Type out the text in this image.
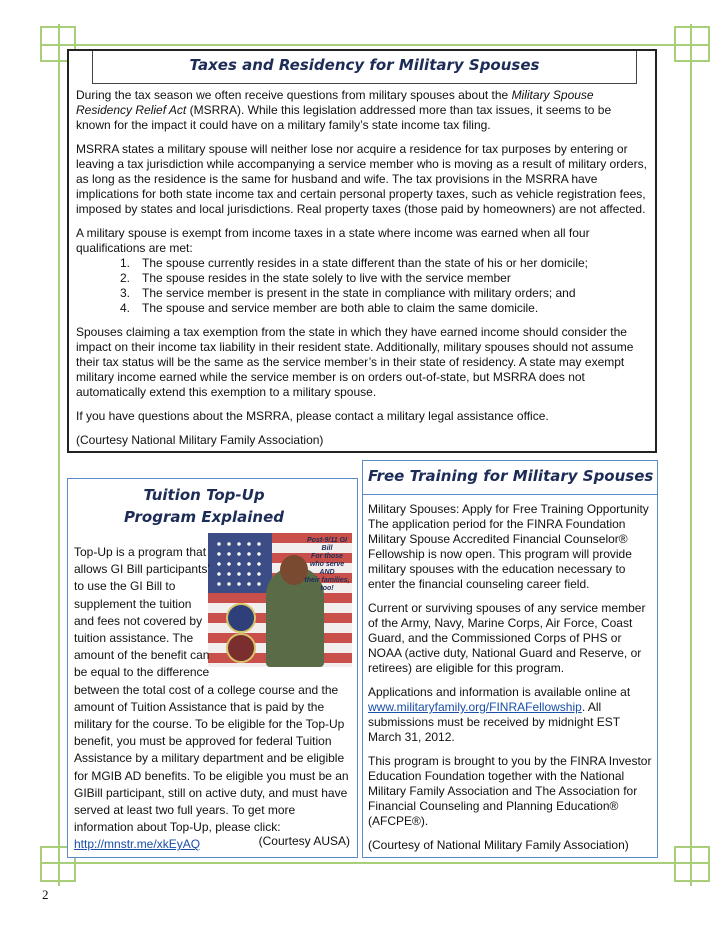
Taxes and Residency for Military Spouses

During the tax season we often receive questions from military spouses about the Military Spouse Residency Relief Act (MSRRA). While this legislation addressed more than tax issues, it seems to be known for the impact it could have on a military family’s state income tax filing.

MSRRA states a military spouse will neither lose nor acquire a residence for tax purposes by entering or leaving a tax jurisdiction while accompanying a service member who is moving as a result of military orders, as long as the residence is the same for husband and wife. The tax provisions in the MSRRA have implications for both state income tax and certain personal property taxes, such as vehicle registration fees, imposed by states and local jurisdictions. Real property taxes (those paid by homeowners) are not affected.

A military spouse is exempt from income taxes in a state where income was earned when all four qualifications are met:

1. The spouse currently resides in a state different than the state of his or her domicile;
2. The spouse resides in the state solely to live with the service member
3. The service member is present in the state in compliance with military orders; and
4. The spouse and service member are both able to claim the same domicile.

Spouses claiming a tax exemption from the state in which they have earned income should consider the impact on their income tax liability in their resident state. Additionally, military spouses should not assume their tax status will be the same as the service member’s in their state of residency. A state may exempt military income earned while the service member is on orders out-of-state, but MSRRA does not automatically extend this exemption to a military spouse.

If you have questions about the MSRRA, please contact a military legal assistance office.

(Courtesy National Military Family Association)

Tuition Top-Up
Program Explained
Post-9/11 GI Bill
For those who serve
AND
their families, too!
Top-Up is a program that allows GI Bill participants’ to use the GI Bill to supplement the tuition and fees not covered by tuition assistance. The amount of the benefit can be equal to the difference between the total cost of a college course and the amount of Tuition Assistance that is paid by the military for the course. To be eligible for the Top-Up benefit, you must be approved for federal Tuition Assistance by a military department and be eligible for MGIB AD benefits. To be eligible you must be an GIBill participant, still on active duty, and must have served at least two full years. To get more information about Top-Up, please click: http://mnstr.me/xkEyAQ	(Courtesy AUSA)
Free Training for Military Spouses

Military Spouses: Apply for Free Training Opportunity The application period for the FINRA Foundation Military Spouse Accredited Financial Counselor® Fellowship is now open. This program will provide military spouses with the education necessary to enter the financial counseling career field.

Current or surviving spouses of any service member of the Army, Navy, Marine Corps, Air Force, Coast Guard, and the Commissioned Corps of PHS or NOAA (active duty, National Guard and Reserve, or retirees) are eligible for this program.

Applications and information is available online at www.militaryfamily.org/FINRAFellowship. All submissions must be received by midnight EST March 31, 2012.

This program is brought to you by the FINRA Investor Education Foundation together with the National Military Family Association and The Association for Financial Counseling and Planning Education® (AFCPE®).

(Courtesy of National Military Family Association)

2
